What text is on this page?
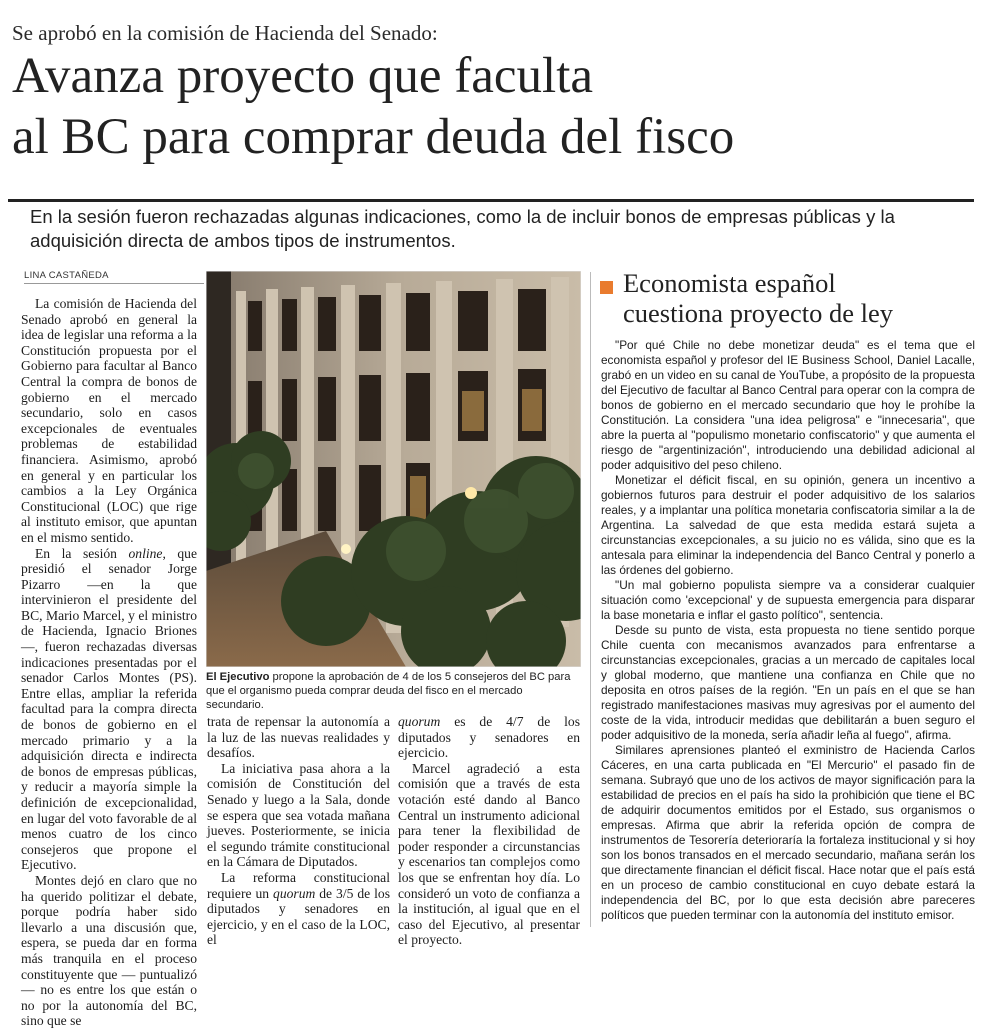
Se aprobó en la comisión de Hacienda del Senado:
Avanza proyecto que faculta
al BC para comprar deuda del fisco
En la sesión fueron rechazadas algunas indicaciones, como la de incluir bonos de empresas públicas y la adquisición directa de ambos tipos de instrumentos.
LINA CASTAÑEDA

La comisión de Hacienda del Senado aprobó en general la idea de legislar una reforma a la Constitución propuesta por el Gobierno para facultar al Banco Central la compra de bonos de gobierno en el mercado secundario, solo en casos excepcionales de eventuales problemas de estabilidad financiera. Asimismo, aprobó en general y en particular los cambios a la Ley Orgánica Constitucional (LOC) que rige al instituto emisor, que apuntan en el mismo sentido.

En la sesión online, que presidió el senador Jorge Pizarro —en la que intervinieron el presidente del BC, Mario Marcel, y el ministro de Hacienda, Ignacio Briones—, fueron rechazadas diversas indicaciones presentadas por el senador Carlos Montes (PS). Entre ellas, ampliar la referida facultad para la compra directa de bonos de gobierno en el mercado primario y a la adquisición directa e indirecta de bonos de empresas públicas, y reducir a mayoría simple la definición de excepcionalidad, en lugar del voto favorable de al menos cuatro de los cinco consejeros que propone el Ejecutivo.

Montes dejó en claro que no ha querido politizar el debate, porque podría haber sido llevarlo a una discusión que, espera, se pueda dar en forma más tranquila en el proceso constituyente que — puntualizó— no es entre los que están o no por la autonomía del BC, sino que se

El Ejecutivo propone la aprobación de 4 de los 5 consejeros del BC para que el organismo pueda comprar deuda del fisco en el mercado secundario.

trata de repensar la autonomía a la luz de las nuevas realidades y desafíos.

La iniciativa pasa ahora a la comisión de Constitución del Senado y luego a la Sala, donde se espera que sea votada mañana jueves. Posteriormente, se inicia el segundo trámite constitucional en la Cámara de Diputados.

La reforma constitucional requiere un quorum de 3/5 de los diputados y senadores en ejercicio, y en el caso de la LOC, el

quorum es de 4/7 de los diputados y senadores en ejercicio.

Marcel agradeció a esta comisión que a través de esta votación esté dando al Banco Central un instrumento adicional para tener la flexibilidad de poder responder a circunstancias y escenarios tan complejos como los que se enfrentan hoy día. Lo consideró un voto de confianza a la institución, al igual que en el caso del Ejecutivo, al presentar el proyecto.

Economista español
cuestiona proyecto de ley

"Por qué Chile no debe monetizar deuda" es el tema que el economista español y profesor del IE Business School, Daniel Lacalle, grabó en un video en su canal de YouTube, a propósito de la propuesta del Ejecutivo de facultar al Banco Central para operar con la compra de bonos de gobierno en el mercado secundario que hoy le prohíbe la Constitución. La considera "una idea peligrosa" e "innecesaria", que abre la puerta al "populismo monetario confiscatorio" y que aumenta el riesgo de "argentinización", introduciendo una debilidad adicional al poder adquisitivo del peso chileno.

Monetizar el déficit fiscal, en su opinión, genera un incentivo a gobiernos futuros para destruir el poder adquisitivo de los salarios reales, y a implantar una política monetaria confiscatoria similar a la de Argentina. La salvedad de que esta medida estará sujeta a circunstancias excepcionales, a su juicio no es válida, sino que es la antesala para eliminar la independencia del Banco Central y ponerlo a las órdenes del gobierno.

"Un mal gobierno populista siempre va a considerar cualquier situación como 'excepcional' y de supuesta emergencia para disparar la base monetaria e inflar el gasto político", sentencia.

Desde su punto de vista, esta propuesta no tiene sentido porque Chile cuenta con mecanismos avanzados para enfrentarse a circunstancias excepcionales, gracias a un mercado de capitales local y global moderno, que mantiene una confianza en Chile que no deposita en otros países de la región. "En un país en el que se han registrado manifestaciones masivas muy agresivas por el aumento del coste de la vida, introducir medidas que debilitarán a buen seguro el poder adquisitivo de la moneda, sería añadir leña al fuego", afirma.

Similares aprensiones planteó el exministro de Hacienda Carlos Cáceres, en una carta publicada en "El Mercurio" el pasado fin de semana. Subrayó que uno de los activos de mayor significación para la estabilidad de precios en el país ha sido la prohibición que tiene el BC de adquirir documentos emitidos por el Estado, sus organismos o empresas. Afirma que abrir la referida opción de compra de instrumentos de Tesorería deterioraría la fortaleza institucional y si hoy son los bonos transados en el mercado secundario, mañana serán los que directamente financian el déficit fiscal. Hace notar que el país está en un proceso de cambio constitucional en cuyo debate estará la independencia del BC, por lo que esta decisión abre pareceres políticos que pueden terminar con la autonomía del instituto emisor.
